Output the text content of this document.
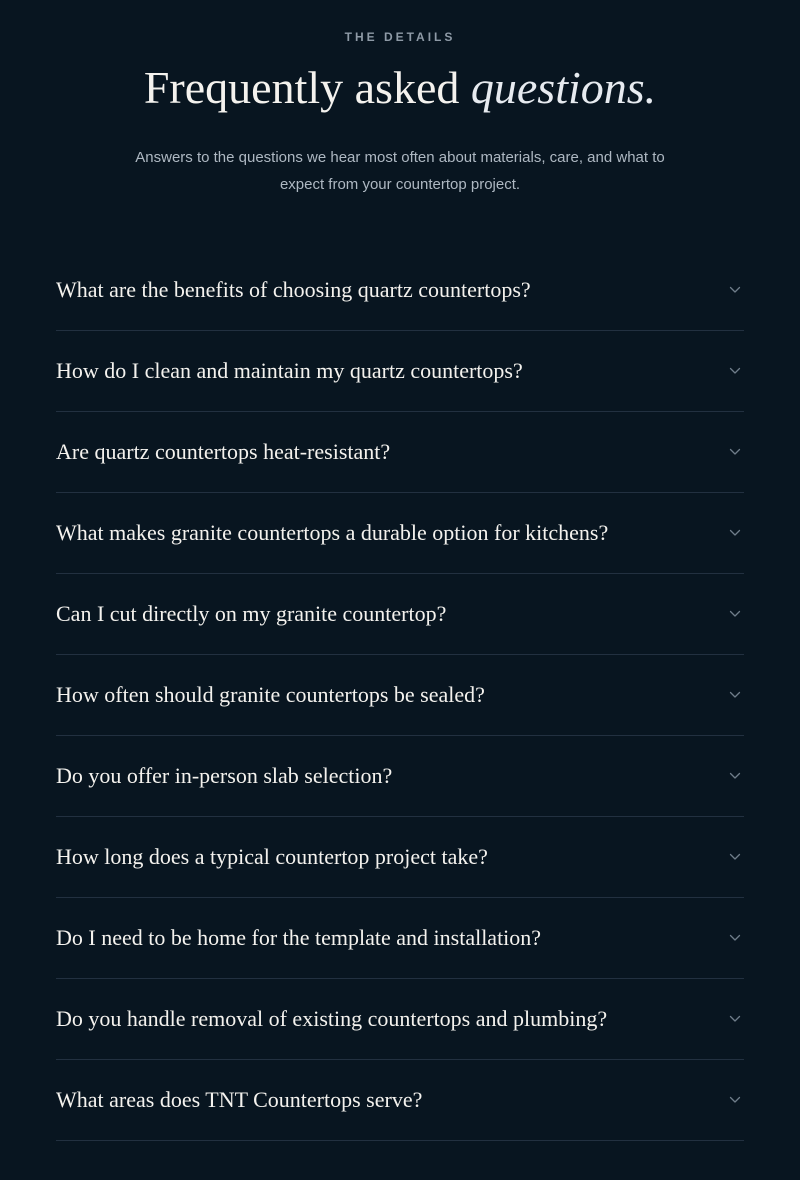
THE DETAILS
Frequently asked questions.

Answers to the questions we hear most often about materials, care, and what to expect from your countertop project.

What are the benefits of choosing quartz countertops?
How do I clean and maintain my quartz countertops?
Are quartz countertops heat-resistant?
What makes granite countertops a durable option for kitchens?
Can I cut directly on my granite countertop?
How often should granite countertops be sealed?
Do you offer in-person slab selection?
How long does a typical countertop project take?
Do I need to be home for the template and installation?
Do you handle removal of existing countertops and plumbing?
What areas does TNT Countertops serve?
